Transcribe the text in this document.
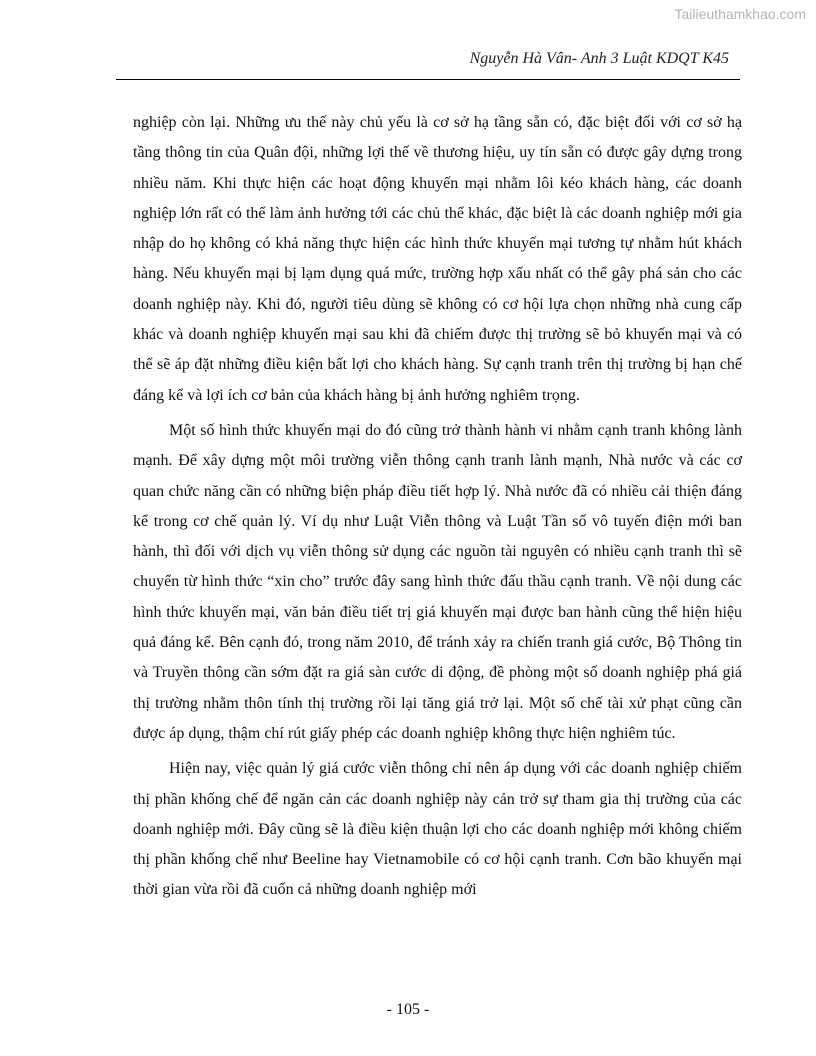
Tailieuthamkhao.com
Nguyễn Hà Vân- Anh 3 Luật KDQT K45

nghiệp còn lại. Những ưu thế này chủ yếu là cơ sở hạ tầng sẵn có, đặc biệt đối với cơ sở hạ tầng thông tin của Quân đội, những lợi thế về thương hiệu, uy tín sẵn có được gây dựng trong nhiều năm. Khi thực hiện các hoạt động khuyến mại nhằm lôi kéo khách hàng, các doanh nghiệp lớn rất có thể làm ảnh hưởng tới các chủ thể khác, đặc biệt là các doanh nghiệp mới gia nhập do họ không có khả năng thực hiện các hình thức khuyến mại tương tự nhằm hút khách hàng. Nếu khuyến mại bị lạm dụng quá mức, trường hợp xấu nhất có thể gây phá sản cho các doanh nghiệp này. Khi đó, người tiêu dùng sẽ không có cơ hội lựa chọn những nhà cung cấp khác và doanh nghiệp khuyến mại sau khi đã chiếm được thị trường sẽ bỏ khuyến mại và có thể sẽ áp đặt những điều kiện bất lợi cho khách hàng. Sự cạnh tranh trên thị trường bị hạn chế đáng kể và lợi ích cơ bản của khách hàng bị ảnh hưởng nghiêm trọng.

Một số hình thức khuyến mại do đó cũng trở thành hành vi nhằm cạnh tranh không lành mạnh. Để xây dựng một môi trường viễn thông cạnh tranh lành mạnh, Nhà nước và các cơ quan chức năng cần có những biện pháp điều tiết hợp lý. Nhà nước đã có nhiều cải thiện đáng kể trong cơ chế quản lý. Ví dụ như Luật Viễn thông và Luật Tần số vô tuyến điện mới ban hành, thì đối với dịch vụ viễn thông sử dụng các nguồn tài nguyên có nhiều cạnh tranh thì sẽ chuyển từ hình thức “xin cho” trước đây sang hình thức đấu thầu cạnh tranh. Về nội dung các hình thức khuyến mại, văn bản điều tiết trị giá khuyến mại được ban hành cũng thể hiện hiệu quả đáng kể. Bên cạnh đó, trong năm 2010, để tránh xảy ra chiến tranh giá cước, Bộ Thông tin và Truyền thông cần sớm đặt ra giá sàn cước di động, đề phòng một số doanh nghiệp phá giá thị trường nhằm thôn tính thị trường rồi lại tăng giá trở lại. Một số chế tài xử phạt cũng cần được áp dụng, thậm chí rút giấy phép các doanh nghiệp không thực hiện nghiêm túc.

Hiện nay, việc quản lý giá cước viễn thông chỉ nên áp dụng với các doanh nghiệp chiếm thị phần khống chế để ngăn cản các doanh nghiệp này cản trở sự tham gia thị trường của các doanh nghiệp mới. Đây cũng sẽ là điều kiện thuận lợi cho các doanh nghiệp mới không chiếm thị phần khống chế như Beeline hay Vietnamobile có cơ hội cạnh tranh. Cơn bão khuyến mại thời gian vừa rồi đã cuốn cả những doanh nghiệp mới

- 105 -
